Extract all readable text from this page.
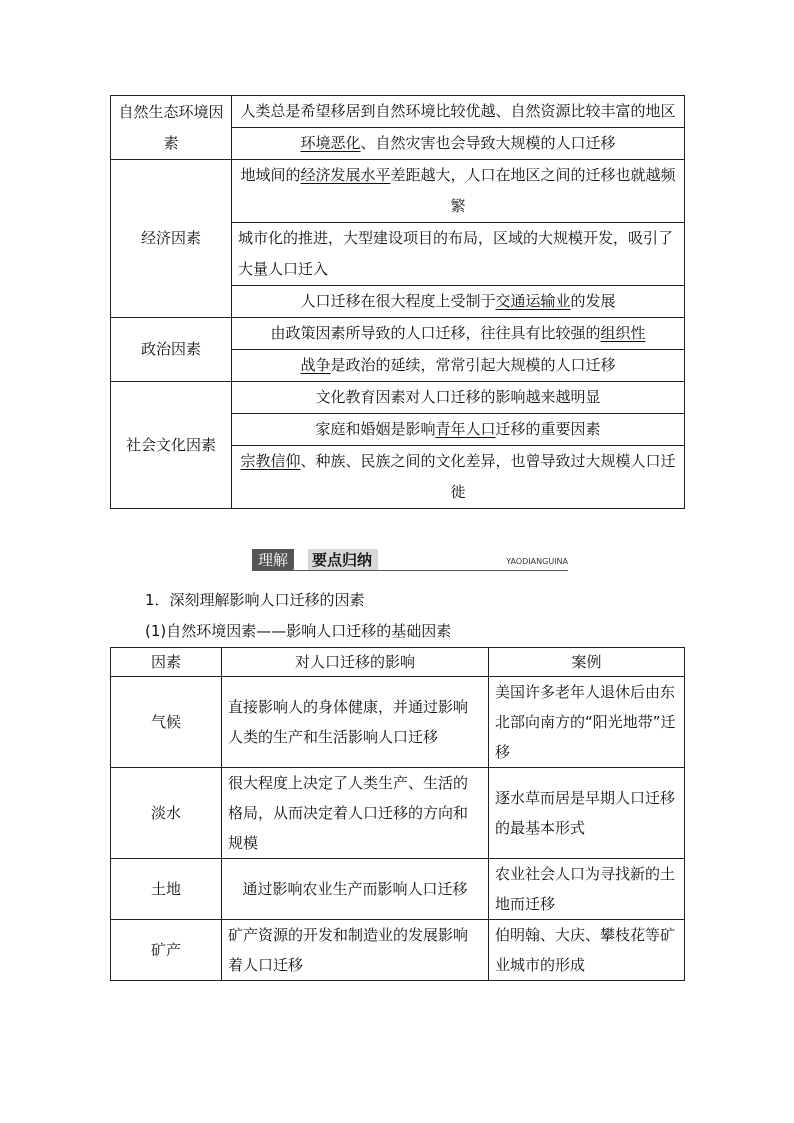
自然生态环境因素	人类总是希望移居到自然环境比较优越、自然资源比较丰富的地区
	环境恶化、自然灾害也会导致大规模的人口迁移
经济因素	地域间的经济发展水平差距越大，人口在地区之间的迁移也就越频繁
	城市化的推进，大型建设项目的布局，区域的大规模开发，吸引了大量人口迁入
	人口迁移在很大程度上受制于交通运输业的发展
政治因素	由政策因素所导致的人口迁移，往往具有比较强的组织性
	战争是政治的延续，常常引起大规模的人口迁移
社会文化因素	文化教育因素对人口迁移的影响越来越明显
	家庭和婚姻是影响青年人口迁移的重要因素
	宗教信仰、种族、民族之间的文化差异，也曾导致过大规模人口迁徙
理解	要点归纳	YAODIANGUINA
1．深刻理解影响人口迁移的因素
(1)自然环境因素——影响人口迁移的基础因素
因素	对人口迁移的影响	案例
气候	直接影响人的身体健康，并通过影响人类的生产和生活影响人口迁移	美国许多老年人退休后由东北部向南方的“阳光地带”迁移
淡水	很大程度上决定了人类生产、生活的格局，从而决定着人口迁移的方向和规模	逐水草而居是早期人口迁移的最基本形式
土地	通过影响农业生产而影响人口迁移	农业社会人口为寻找新的土地而迁移
矿产	矿产资源的开发和制造业的发展影响着人口迁移	伯明翰、大庆、攀枝花等矿业城市的形成
